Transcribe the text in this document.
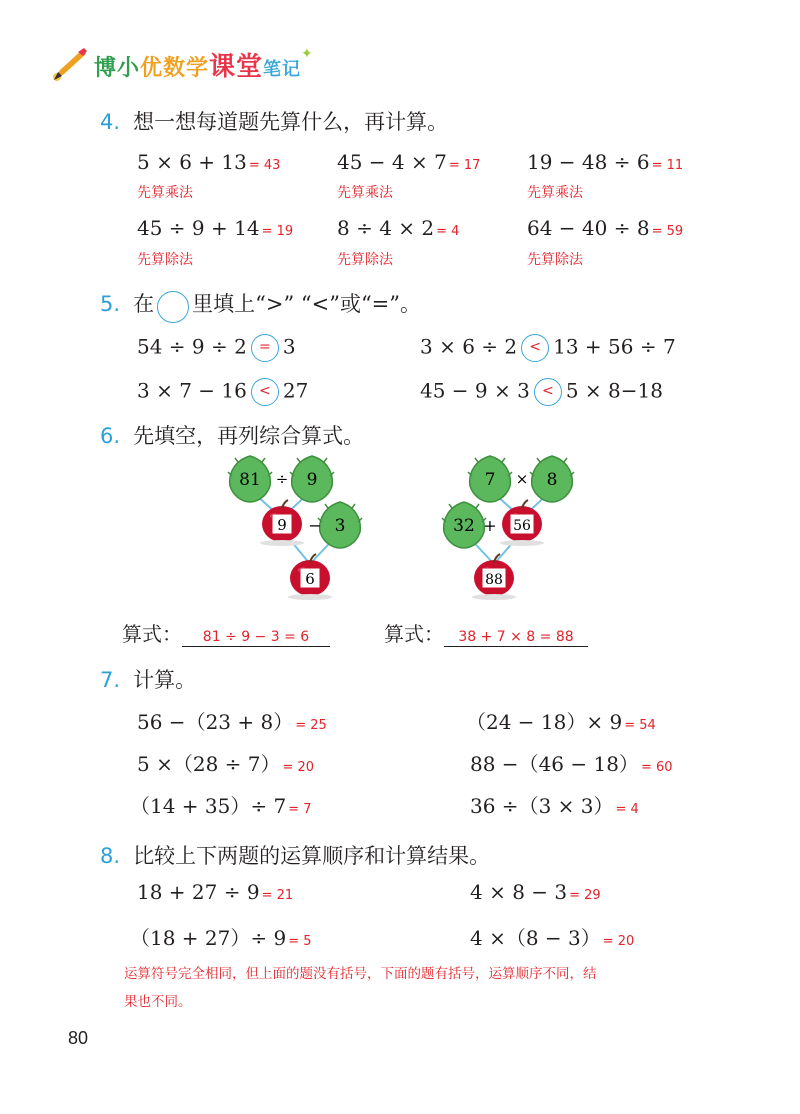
博小优数学课堂笔记✦
4. 想一想每道题先算什么，再计算。
5 × 6 + 13 = 43
先算乘法
45 − 4 × 7 = 17
先算乘法
19 − 48 ÷ 6 = 11
先算乘法
45 ÷ 9 + 14 = 19
先算除法
8 ÷ 4 × 2 = 4
先算除法
64 − 40 ÷ 8 = 59
先算除法
5. 在 里填上“>” “<”或“=”。
54 ÷ 9 ÷ 2 = 3	3 × 6 ÷ 2 < 13 + 56 ÷ 7
3 × 7 − 16 < 27	45 − 9 × 3 < 5 × 8−18
6. 先填空，再列综合算式。
81 ÷ 9
9 − 3
6
7 × 8
32 + 56
88
算式： 81 ÷ 9 − 3 = 6	算式： 38 + 7 × 8 = 88
7. 计算。
56 −（23 + 8） = 25	（24 − 18）× 9 = 54
5 ×（28 ÷ 7） = 20	88 −（46 − 18） = 60
（14 + 35）÷ 7 = 7	36 ÷（3 × 3） = 4
8. 比较上下两题的运算顺序和计算结果。
18 + 27 ÷ 9 = 21	4 × 8 − 3 = 29
（18 + 27）÷ 9 = 5	4 ×（8 − 3） = 20
运算符号完全相同，但上面的题没有括号，下面的题有括号，运算顺序不同，结
果也不同。
80
